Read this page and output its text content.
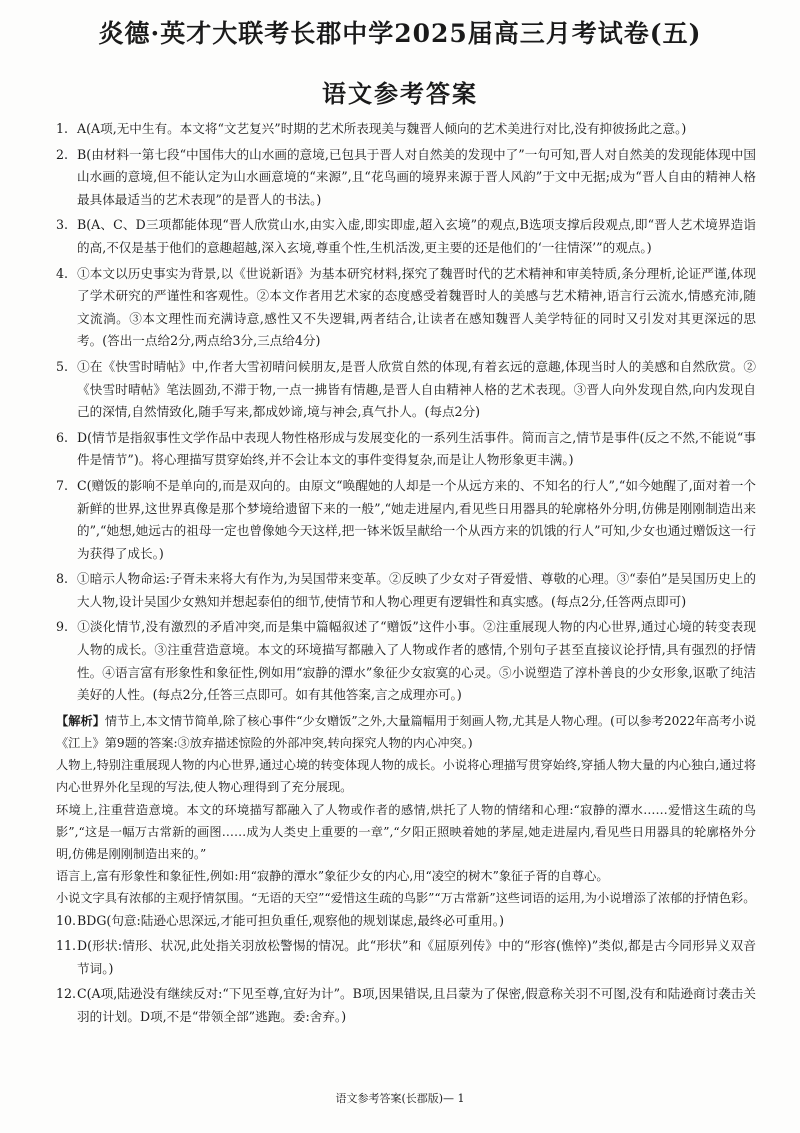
炎德·英才大联考长郡中学2025届高三月考试卷(五)
语文参考答案

1. A(A项,无中生有。本文将“文艺复兴”时期的艺术所表现美与魏晋人倾向的艺术美进行对比,没有抑彼扬此之意。)

2. B(由材料一第七段“中国伟大的山水画的意境,已包具于晋人对自然美的发现中了”一句可知,晋人对自然美的发现能体现中国山水画的意境,但不能认定为山水画意境的“来源”,且“花鸟画的境界来源于晋人风韵”于文中无据;成为“晋人自由的精神人格最具体最适当的艺术表现”的是晋人的书法。)

3. B(A、C、D三项都能体现“晋人欣赏山水,由实入虚,即实即虚,超入玄境”的观点,B选项支撑后段观点,即“晋人艺术境界造诣的高,不仅是基于他们的意趣超越,深入玄境,尊重个性,生机活泼,更主要的还是他们的‘一往情深’”的观点。)

4. ①本文以历史事实为背景,以《世说新语》为基本研究材料,探究了魏晋时代的艺术精神和审美特质,条分理析,论证严谨,体现了学术研究的严谨性和客观性。②本文作者用艺术家的态度感受着魏晋时人的美感与艺术精神,语言行云流水,情感充沛,随文流淌。③本文理性而充满诗意,感性又不失逻辑,两者结合,让读者在感知魏晋人美学特征的同时又引发对其更深远的思考。(答出一点给2分,两点给3分,三点给4分)

5. ①在《快雪时晴帖》中,作者大雪初晴问候朋友,是晋人欣赏自然的体现,有着玄远的意趣,体现当时人的美感和自然欣赏。②《快雪时晴帖》笔法圆劲,不滞于物,一点一拂皆有情趣,是晋人自由精神人格的艺术表现。③晋人向外发现自然,向内发现自己的深情,自然情致化,随手写来,都成妙谛,境与神会,真气扑人。(每点2分)

6. D(情节是指叙事性文学作品中表现人物性格形成与发展变化的一系列生活事件。简而言之,情节是事件(反之不然,不能说“事件是情节”)。将心理描写贯穿始终,并不会让本文的事件变得复杂,而是让人物形象更丰满。)

7. C(赠饭的影响不是单向的,而是双向的。由原文“唤醒她的人却是一个从远方来的、不知名的行人”,“如今她醒了,面对着一个新鲜的世界,这世界真像是那个梦境给遗留下来的一般”,“她走进屋内,看见些日用器具的轮廓格外分明,仿佛是刚刚制造出来的”,“她想,她远古的祖母一定也曾像她今天这样,把一钵米饭呈献给一个从西方来的饥饿的行人”可知,少女也通过赠饭这一行为获得了成长。)

8. ①暗示人物命运:子胥未来将大有作为,为吴国带来变革。②反映了少女对子胥爱惜、尊敬的心理。③“泰伯”是吴国历史上的大人物,设计吴国少女熟知并想起泰伯的细节,使情节和人物心理更有逻辑性和真实感。(每点2分,任答两点即可)

9. ①淡化情节,没有激烈的矛盾冲突,而是集中篇幅叙述了“赠饭”这件小事。②注重展现人物的内心世界,通过心境的转变表现人物的成长。③注重营造意境。本文的环境描写都融入了人物或作者的感情,个别句子甚至直接议论抒情,具有强烈的抒情性。④语言富有形象性和象征性,例如用“寂静的潭水”象征少女寂寞的心灵。⑤小说塑造了淳朴善良的少女形象,讴歌了纯洁美好的人性。(每点2分,任答三点即可。如有其他答案,言之成理亦可。)

【解析】情节上,本文情节简单,除了核心事件“少女赠饭”之外,大量篇幅用于刻画人物,尤其是人物心理。(可以参考2022年高考小说《江上》第9题的答案:③放弃描述惊险的外部冲突,转向探究人物的内心冲突。)

人物上,特别注重展现人物的内心世界,通过心境的转变体现人物的成长。小说将心理描写贯穿始终,穿插人物大量的内心独白,通过将内心世界外化呈现的写法,使人物心理得到了充分展现。

环境上,注重营造意境。本文的环境描写都融入了人物或作者的感情,烘托了人物的情绪和心理:“寂静的潭水……爱惜这生疏的鸟影”,“这是一幅万古常新的画图……成为人类史上重要的一章”,“夕阳正照映着她的茅屋,她走进屋内,看见些日用器具的轮廓格外分明,仿佛是刚刚制造出来的。”

语言上,富有形象性和象征性,例如:用“寂静的潭水”象征少女的内心,用“凌空的树木”象征子胥的自尊心。

小说文字具有浓郁的主观抒情氛围。“无语的天空”“爱惜这生疏的鸟影”“万古常新”这些词语的运用,为小说增添了浓郁的抒情色彩。

10.BDG(句意:陆逊心思深远,才能可担负重任,观察他的规划谋虑,最终必可重用。)

11.D(形状:情形、状况,此处指关羽放松警惕的情况。此“形状”和《屈原列传》中的“形容(憔悴)”类似,都是古今同形异义双音节词。)

12.C(A项,陆逊没有继续反对:“下见至尊,宜好为计”。B项,因果错误,且吕蒙为了保密,假意称关羽不可图,没有和陆逊商讨袭击关羽的计划。D项,不是“带领全部”逃跑。委:舍弃。)

语文参考答案(长郡版)— 1
